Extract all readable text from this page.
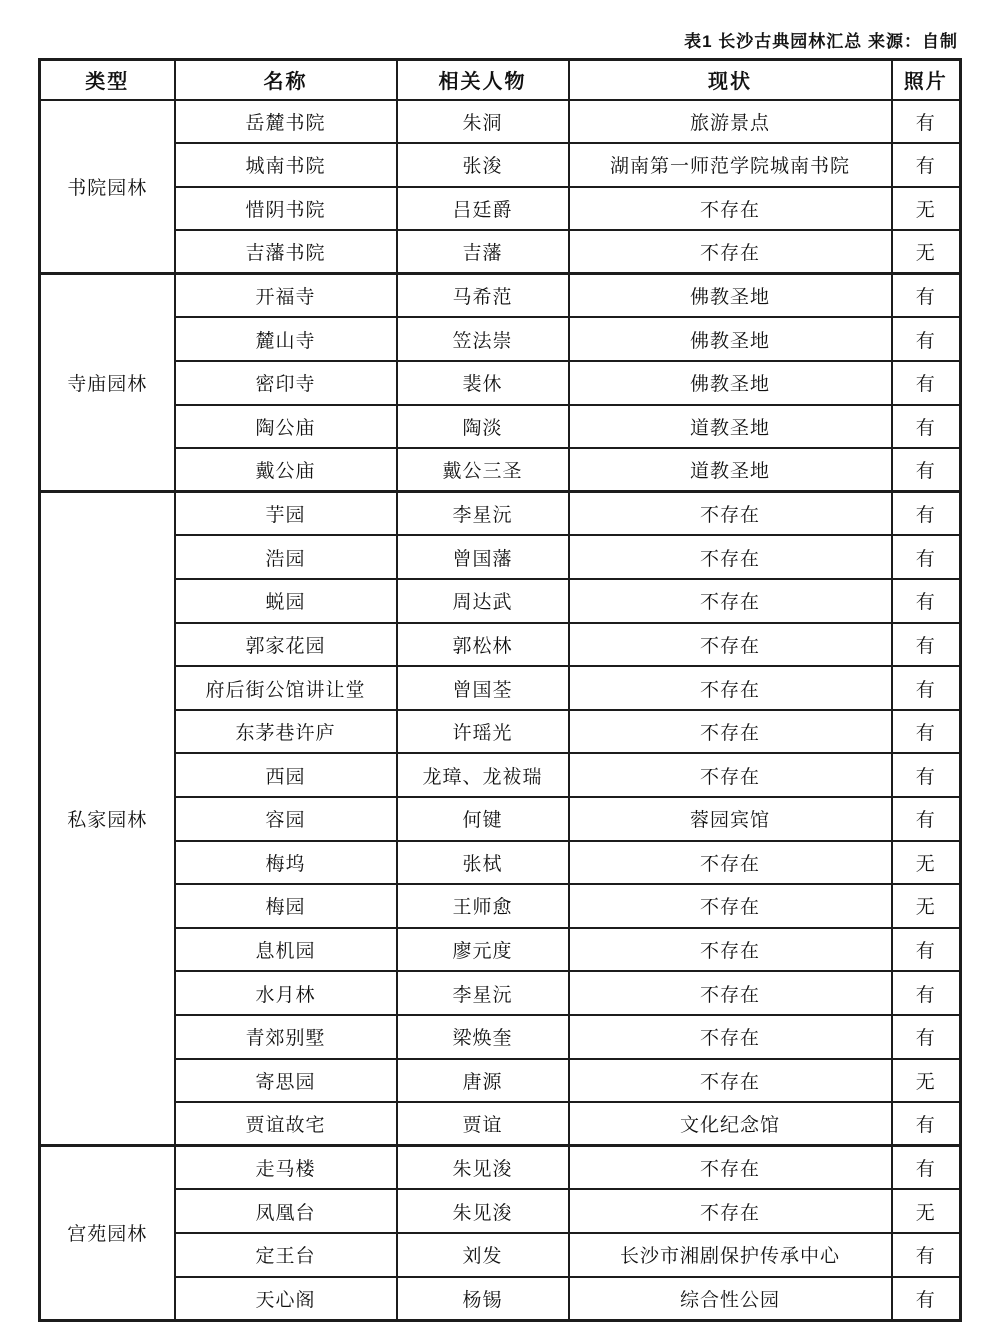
表1 长沙古典园林汇总 来源：自制
类型	名称	相关人物	现状	照片
书院园林	岳麓书院	朱洞	旅游景点	有
	城南书院	张浚	湖南第一师范学院城南书院	有
	惜阴书院	吕廷爵	不存在	无
	吉藩书院	吉藩	不存在	无
寺庙园林	开福寺	马希范	佛教圣地	有
	麓山寺	笠法崇	佛教圣地	有
	密印寺	裴休	佛教圣地	有
	陶公庙	陶淡	道教圣地	有
	戴公庙	戴公三圣	道教圣地	有
私家园林	芋园	李星沅	不存在	有
	浩园	曾国藩	不存在	有
	蜕园	周达武	不存在	有
	郭家花园	郭松林	不存在	有
	府后街公馆讲让堂	曾国荃	不存在	有
	东茅巷许庐	许瑶光	不存在	有
	西园	龙璋、龙袚瑞	不存在	有
	容园	何键	蓉园宾馆	有
	梅坞	张栻	不存在	无
	梅园	王师愈	不存在	无
	息机园	廖元度	不存在	有
	水月林	李星沅	不存在	有
	青郊别墅	梁焕奎	不存在	有
	寄思园	唐源	不存在	无
	贾谊故宅	贾谊	文化纪念馆	有
宫苑园林	走马楼	朱见浚	不存在	有
	凤凰台	朱见浚	不存在	无
	定王台	刘发	长沙市湘剧保护传承中心	有
	天心阁	杨锡	综合性公园	有
